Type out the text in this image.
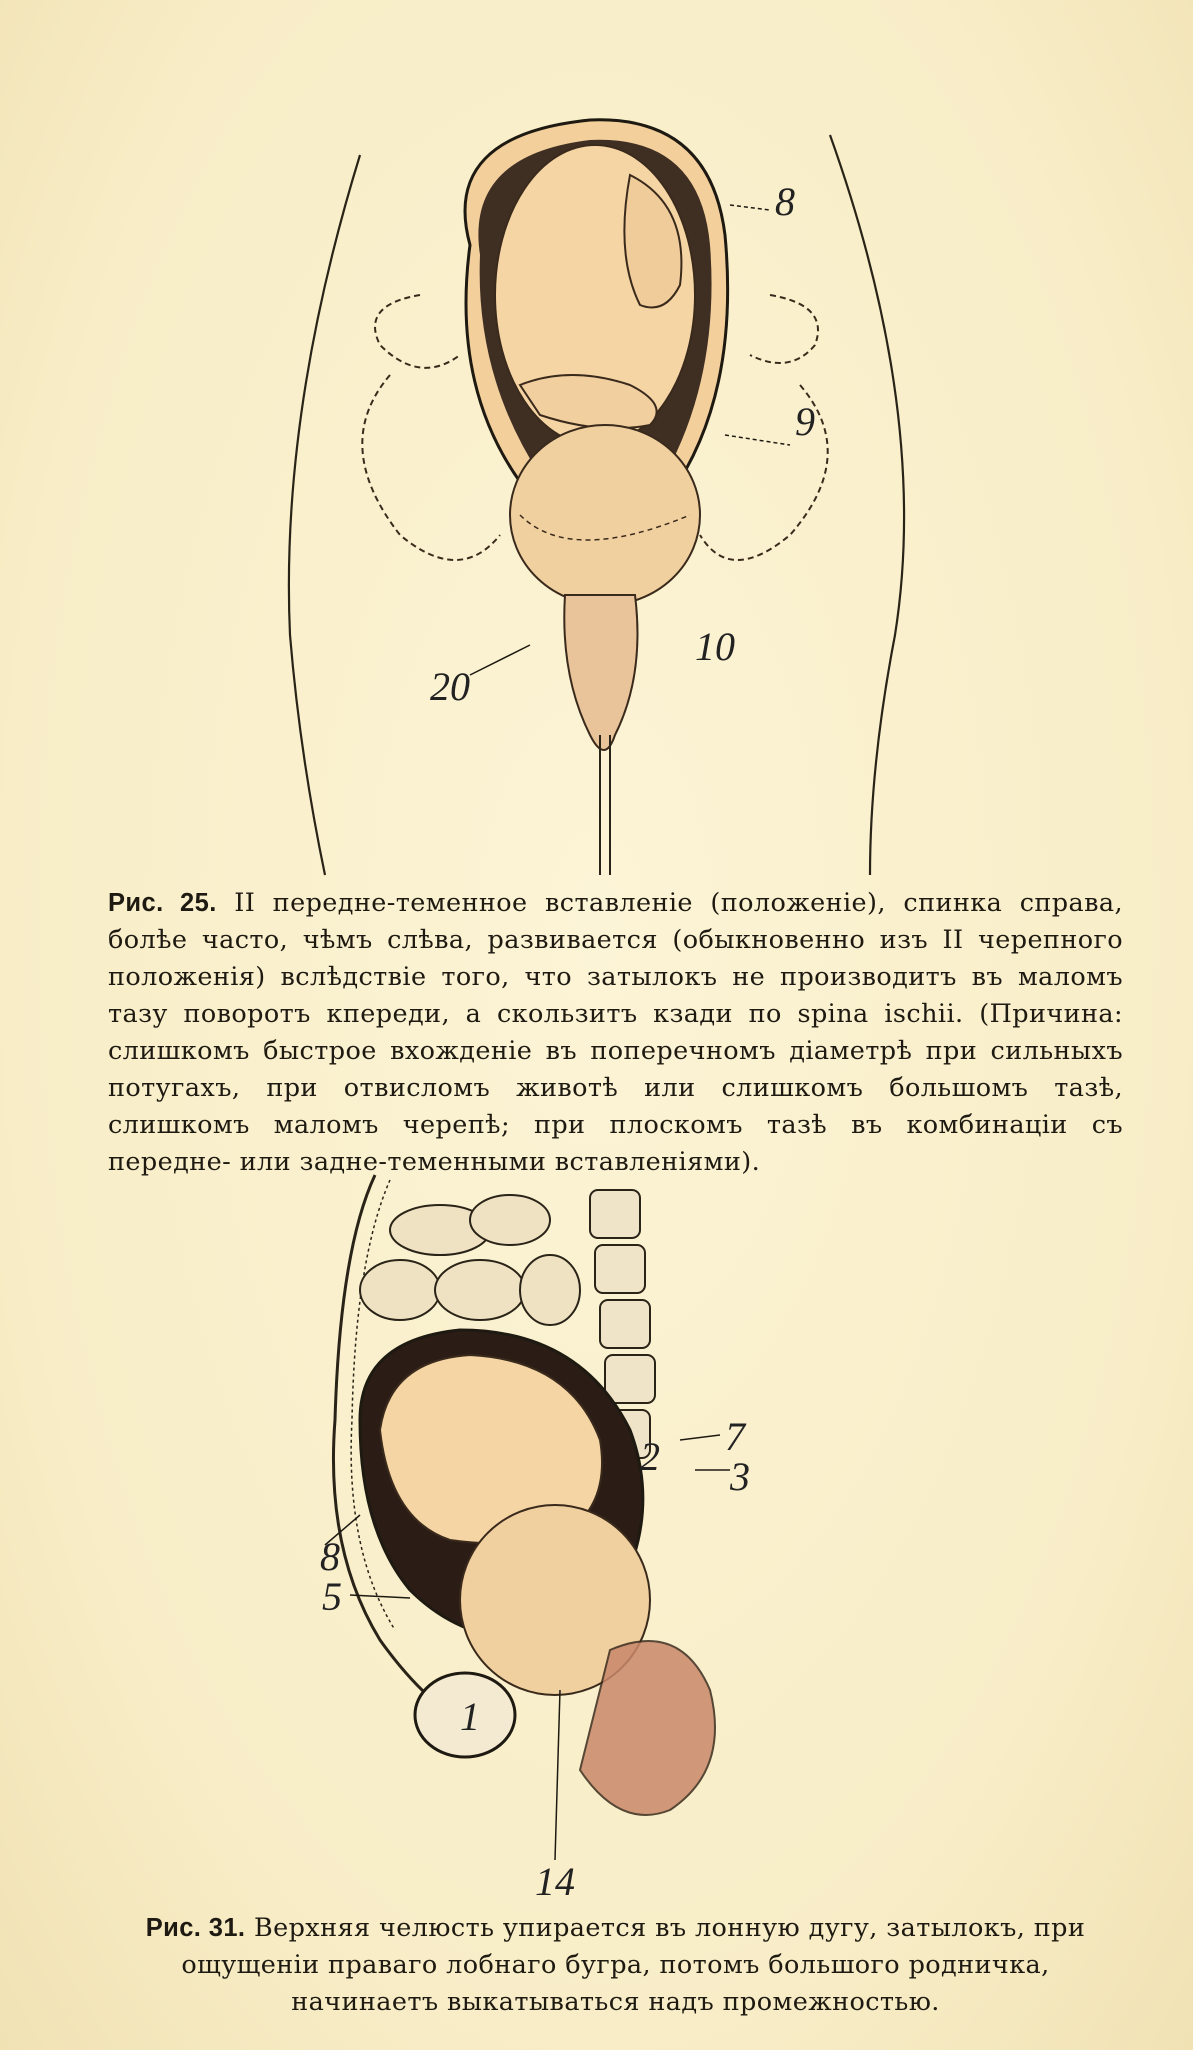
8
9
10
20
Рис. 25. II передне-теменное вставленіе (положеніе), спинка справа, болѣе часто, чѣмъ слѣва, развивается (обыкновенно изъ II черепного положенія) вслѣдствіе того, что затылокъ не производитъ въ маломъ тазу поворотъ кпереди, а скользитъ кзади по spina ischii. (Причина: слишкомъ быстрое вхожденіе въ поперечномъ діаметрѣ при сильныхъ потугахъ, при отвисломъ животѣ или слишкомъ большомъ тазѣ, слишкомъ маломъ черепѣ; при плоскомъ тазѣ въ комбинаціи съ передне- или задне-теменными вставленіями).
2 7
3
8
5
1
14
Рис. 31. Верхняя челюсть упирается въ лонную дугу, затылокъ, при ощущеніи праваго лобнаго бугра, потомъ большого родничка, начинаетъ выкатываться надъ промежностью.
